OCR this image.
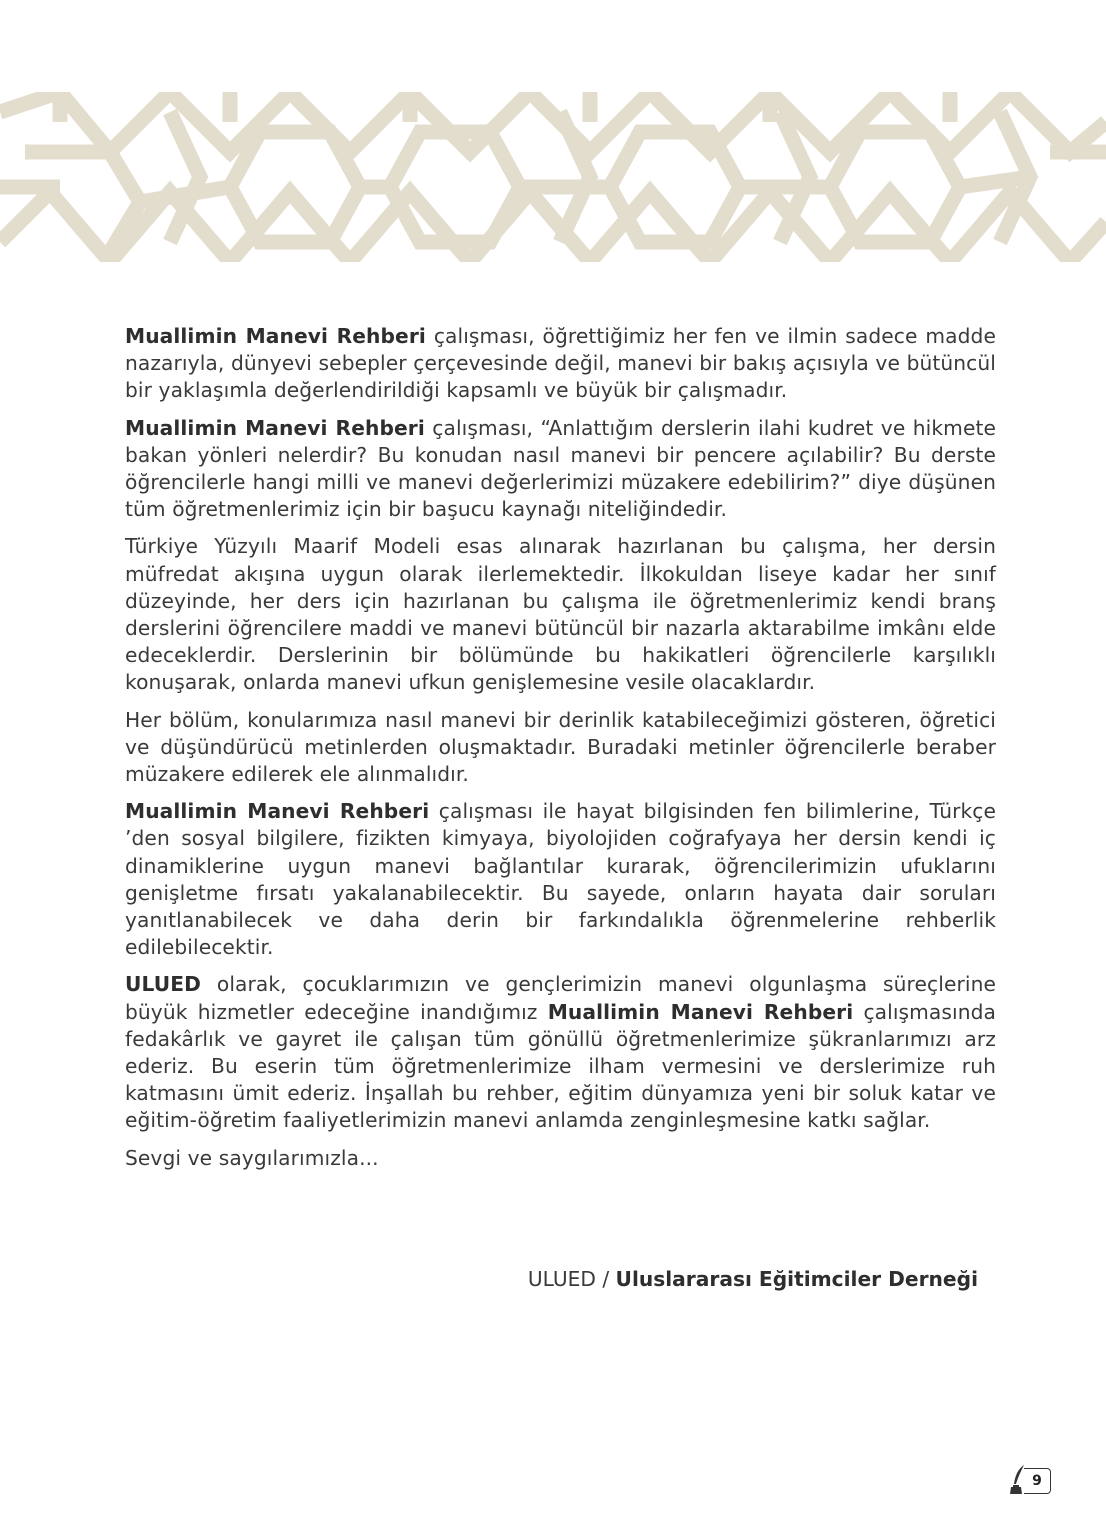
Muallimin Manevi Rehberi çalışması, öğrettiğimiz her fen ve ilmin sadece madde nazarıyla, dünyevi sebepler çerçevesinde değil, manevi bir bakış açısıyla ve bütüncül bir yaklaşımla değerlendirildiği kapsamlı ve büyük bir çalışmadır.

Muallimin Manevi Rehberi çalışması, “Anlattığım derslerin ilahi kudret ve hikmete bakan yönleri nelerdir? Bu konudan nasıl manevi bir pencere açılabilir? Bu derste öğrencilerle hangi milli ve manevi değerlerimizi müzakere edebilirim?” diye düşünen tüm öğretmenlerimiz için bir başucu kaynağı niteliğindedir.

Türkiye Yüzyılı Maarif Modeli esas alınarak hazırlanan bu çalışma, her dersin müfredat akışına uygun olarak ilerlemektedir. İlkokuldan liseye kadar her sınıf düzeyinde, her ders için hazırlanan bu çalışma ile öğretmenlerimiz kendi branş derslerini öğrencilere maddi ve manevi bütüncül bir nazarla aktarabilme imkânı elde edeceklerdir. Derslerinin bir bölümünde bu hakikatleri öğrencilerle karşılıklı konuşarak, onlarda manevi ufkun genişlemesine vesile olacaklardır.

Her bölüm, konularımıza nasıl manevi bir derinlik katabileceğimizi gösteren, öğretici ve düşündürücü metinlerden oluşmaktadır. Buradaki metinler öğrencilerle beraber müzakere edilerek ele alınmalıdır.

Muallimin Manevi Rehberi çalışması ile hayat bilgisinden fen bilimlerine, Türkçe ’den sosyal bilgilere, fizikten kimyaya, biyolojiden coğrafyaya her dersin kendi iç dinamiklerine uygun manevi bağlantılar kurarak, öğrencilerimizin ufuklarını genişletme fırsatı yakalanabilecektir. Bu sayede, onların hayata dair soruları yanıtlanabilecek ve daha derin bir farkındalıkla öğrenmelerine rehberlik edilebilecektir.

ULUED olarak, çocuklarımızın ve gençlerimizin manevi olgunlaşma süreçlerine büyük hizmetler edeceğine inandığımız Muallimin Manevi Rehberi çalışmasında fedakârlık ve gayret ile çalışan tüm gönüllü öğretmenlerimize şükranlarımızı arz ederiz. Bu eserin tüm öğretmenlerimize ilham vermesini ve derslerimize ruh katmasını ümit ederiz. İnşallah bu rehber, eğitim dünyamıza yeni bir soluk katar ve eğitim-öğretim faaliyetlerimizin manevi anlamda zenginleşmesine katkı sağlar.

Sevgi ve saygılarımızla...

ULUED / Uluslararası Eğitimciler Derneği
9
